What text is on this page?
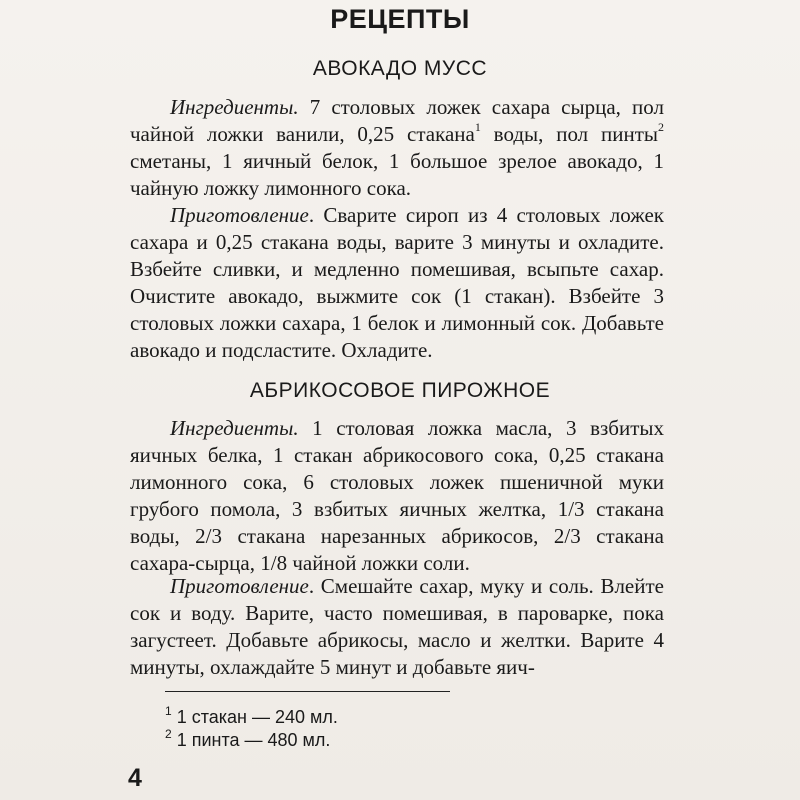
РЕЦЕПТЫ
АВОКАДО МУСС

Ингредиенты. 7 столовых ложек сахара сырца, пол чайной ложки ванили, 0,25 стакана$^1$ воды, пол пинты$^2$ сметаны, 1 яичный белок, 1 большое зрелое авокадо, 1 чайную ложку лимонного сока.

Приготовление. Сварите сироп из 4 столовых ложек сахара и 0,25 стакана воды, варите 3 минуты и охладите. Взбейте сливки, и медленно помешивая, всыпьте сахар. Очистите авокадо, выжмите сок (1 стакан). Взбейте 3 столовых ложки сахара, 1 белок и лимонный сок. Добавьте авокадо и подсластите. Охладите.

АБРИКОСОВОЕ ПИРОЖНОЕ

Ингредиенты. 1 столовая ложка масла, 3 взбитых яичных белка, 1 стакан абрикосового сока, 0,25 стакана лимонного сока, 6 столовых ложек пшеничной муки грубого помола, 3 взбитых яичных желтка, 1/3 стакана воды, 2/3 стакана нарезанных абрикосов, 2/3 стакана сахара-сырца, 1/8 чайной ложки соли.

Приготовление. Смешайте сахар, муку и соль. Влейте сок и воду. Варите, часто помешивая, в пароварке, пока загустеет. Добавьте абрикосы, масло и желтки. Варите 4 минуты, охлаждайте 5 минут и добавьте яич-

$^1$ 1 стакан — 240 мл.
$^2$ 1 пинта — 480 мл.
4
